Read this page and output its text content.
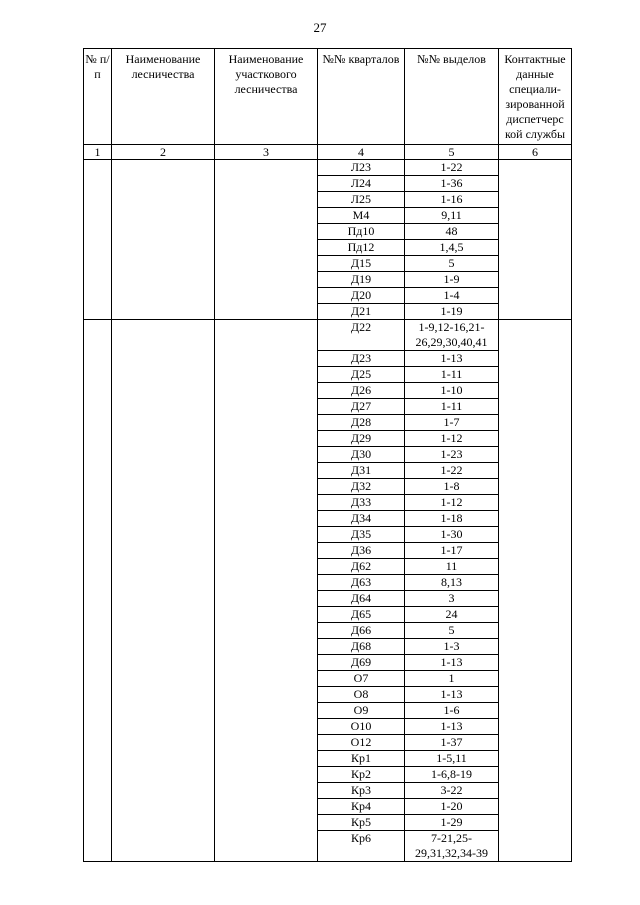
27
№ п/п	Наименование лесничества	Наименование участкового лесничества	№№ кварталов	№№ выделов	Контактные данные специали-зированной диспетчерс кой службы
1	2	3	4	5	6
			Л23	1-22	
			Л24	1-36	
			Л25	1-16	
			М4	9,11	
			Пд10	48	
			Пд12	1,4,5	
			Д15	5	
			Д19	1-9	
			Д20	1-4	
			Д21	1-19	
			Д22	1-9,12-16,21-26,29,30,40,41	
			Д23	1-13	
			Д25	1-11	
			Д26	1-10	
			Д27	1-11	
			Д28	1-7	
			Д29	1-12	
			Д30	1-23	
			Д31	1-22	
			Д32	1-8	
			Д33	1-12	
			Д34	1-18	
			Д35	1-30	
			Д36	1-17	
			Д62	11	
			Д63	8,13	
			Д64	3	
			Д65	24	
			Д66	5	
			Д68	1-3	
			Д69	1-13	
			О7	1	
			О8	1-13	
			О9	1-6	
			О10	1-13	
			О12	1-37	
			Кр1	1-5,11	
			Кр2	1-6,8-19	
			Кр3	3-22	
			Кр4	1-20	
			Кр5	1-29	
			Кр6	7-21,25-29,31,32,34-39	
